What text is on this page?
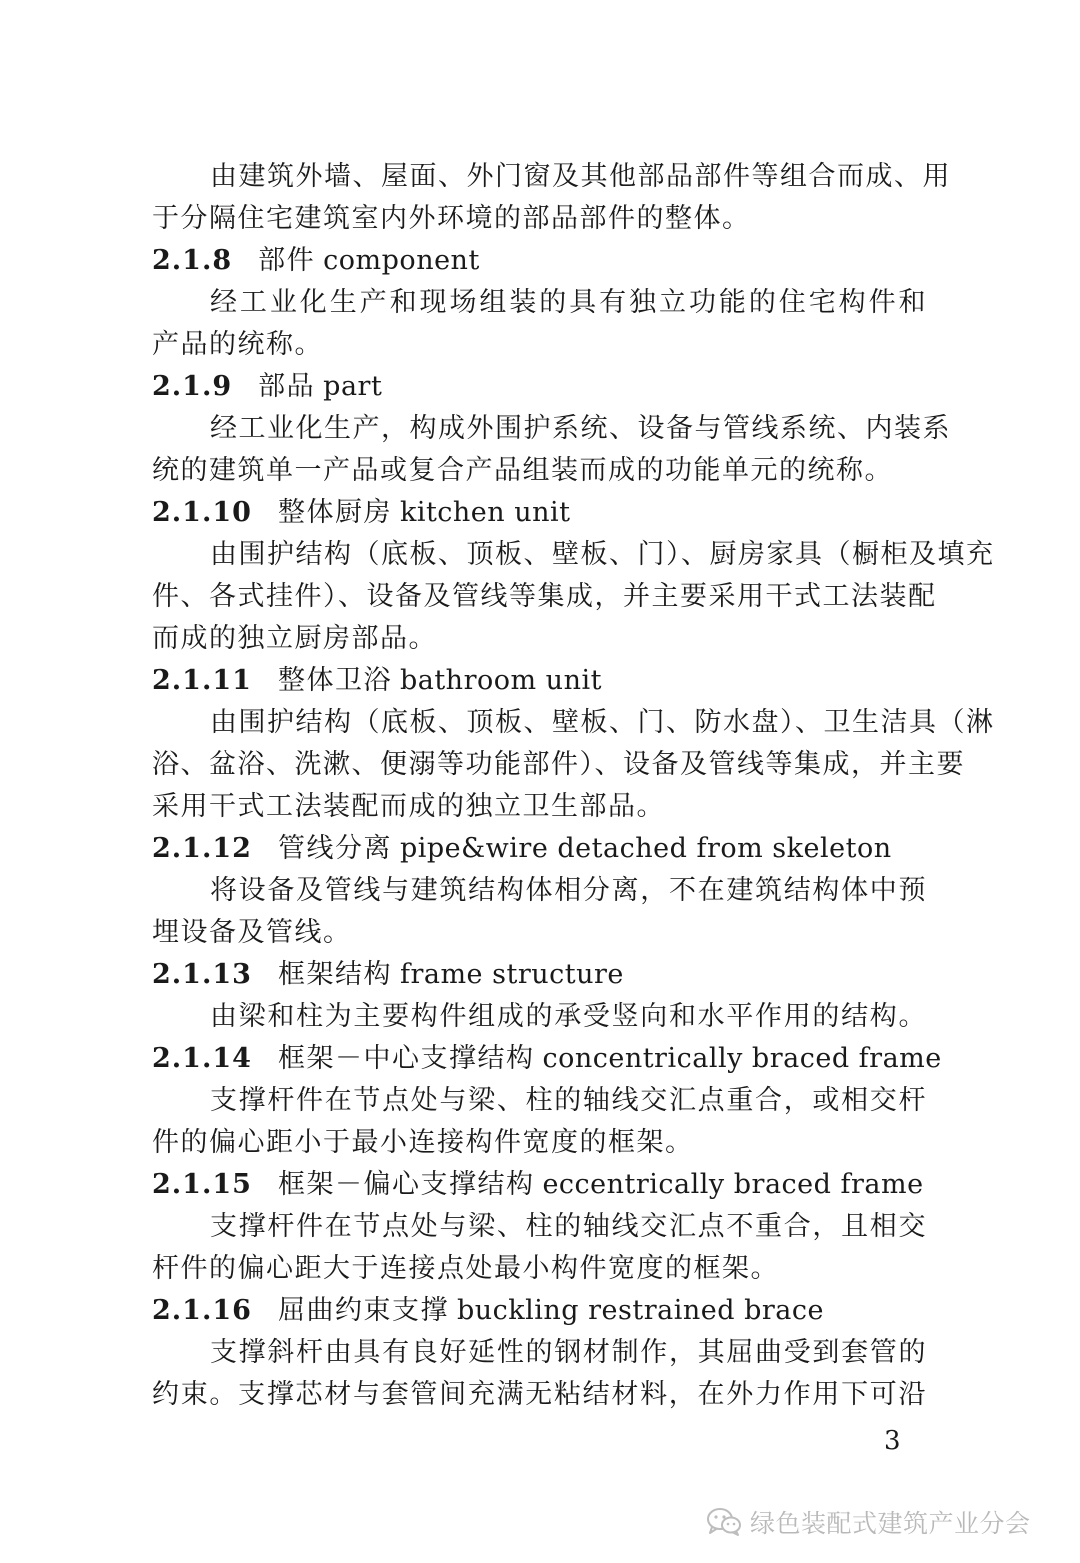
由建筑外墙、屋面、外门窗及其他部品部件等组合而成、用
于分隔住宅建筑室内外环境的部品部件的整体。
2.1.8 部件 component
经工业化生产和现场组装的具有独立功能的住宅构件和
产品的统称。
2.1.9 部品 part
经工业化生产，构成外围护系统、设备与管线系统、内装系
统的建筑单一产品或复合产品组装而成的功能单元的统称。
2.1.10 整体厨房 kitchen unit
由围护结构（底板、顶板、壁板、门）、厨房家具（橱柜及填充
件、各式挂件）、设备及管线等集成，并主要采用干式工法装配
而成的独立厨房部品。
2.1.11 整体卫浴 bathroom unit
由围护结构（底板、顶板、壁板、门、防水盘）、卫生洁具（淋
浴、盆浴、洗漱、便溺等功能部件）、设备及管线等集成，并主要
采用干式工法装配而成的独立卫生部品。
2.1.12 管线分离 pipe&wire detached from skeleton
将设备及管线与建筑结构体相分离，不在建筑结构体中预
埋设备及管线。
2.1.13 框架结构 frame structure
由梁和柱为主要构件组成的承受竖向和水平作用的结构。
2.1.14 框架－中心支撑结构 concentrically braced frame
支撑杆件在节点处与梁、柱的轴线交汇点重合，或相交杆
件的偏心距小于最小连接构件宽度的框架。
2.1.15 框架－偏心支撑结构 eccentrically braced frame
支撑杆件在节点处与梁、柱的轴线交汇点不重合，且相交
杆件的偏心距大于连接点处最小构件宽度的框架。
2.1.16 屈曲约束支撑 buckling restrained brace
支撑斜杆由具有良好延性的钢材制作，其屈曲受到套管的
约束。支撑芯材与套管间充满无粘结材料，在外力作用下可沿
3
绿色装配式建筑产业分会
